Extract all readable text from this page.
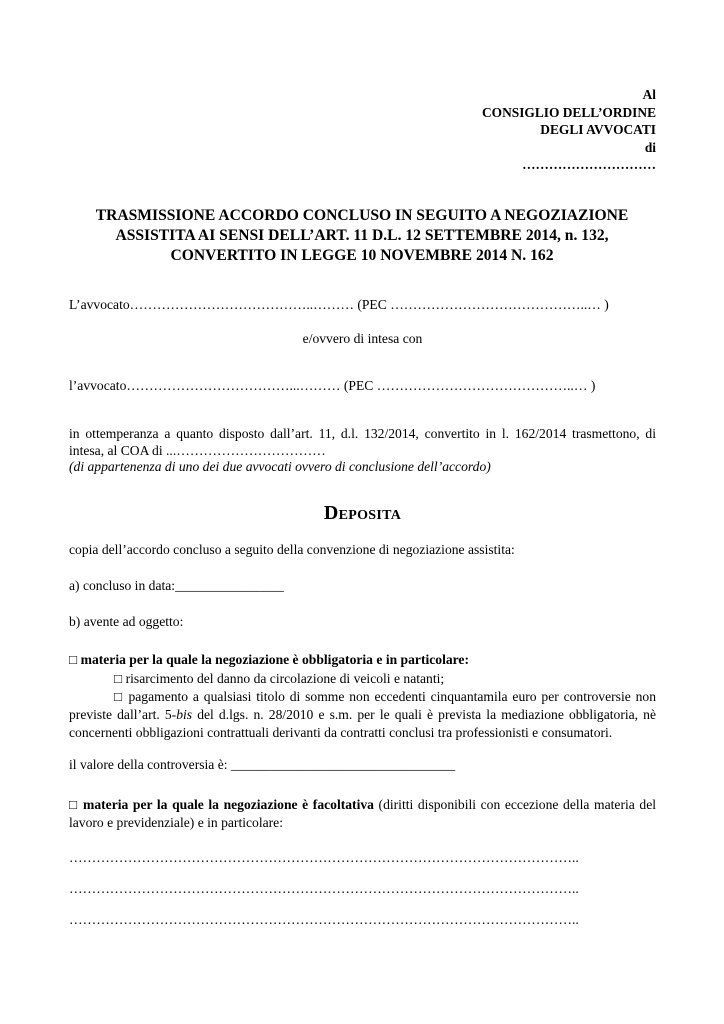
Al
CONSIGLIO DELL’ORDINE
DEGLI AVVOCATI
di
…………………………
TRASMISSIONE ACCORDO CONCLUSO IN SEGUITO A NEGOZIAZIONE
ASSISTITA AI SENSI DELL’ART. 11 D.L. 12 SETTEMBRE 2014, n. 132,
CONVERTITO IN LEGGE 10 NOVEMBRE 2014 N. 162
L’avvocato…………………………………..……… (PEC ……………………………………..… )
e/ovvero di intesa con
l’avvocato………………………………...……… (PEC ……………………………………..… )
in ottemperanza a quanto disposto dall’art. 11, d.l. 132/2014, convertito in l. 162/2014 trasmettono, di intesa, al COA di ...……………………………
(di appartenenza di uno dei due avvocati ovvero di conclusione dell’accordo)
Deposita
copia dell’accordo concluso a seguito della convenzione di negoziazione assistita:
a) concluso in data:________________
b) avente ad oggetto:
□ materia per la quale la negoziazione è obbligatoria e in particolare:
□ risarcimento del danno da circolazione di veicoli e natanti;
□ pagamento a qualsiasi titolo di somme non eccedenti cinquantamila euro per controversie non previste dall’art. 5-bis del d.lgs. n. 28/2010 e s.m. per le quali è prevista la mediazione obbligatoria, nè concernenti obbligazioni contrattuali derivanti da contratti conclusi tra professionisti e consumatori.
il valore della controversia è: _________________________________
□ materia per la quale la negoziazione è facoltativa (diritti disponibili con eccezione della materia del lavoro e previdenziale) e in particolare:
…………………………………………………………………………………………………..
…………………………………………………………………………………………………..
…………………………………………………………………………………………………..
